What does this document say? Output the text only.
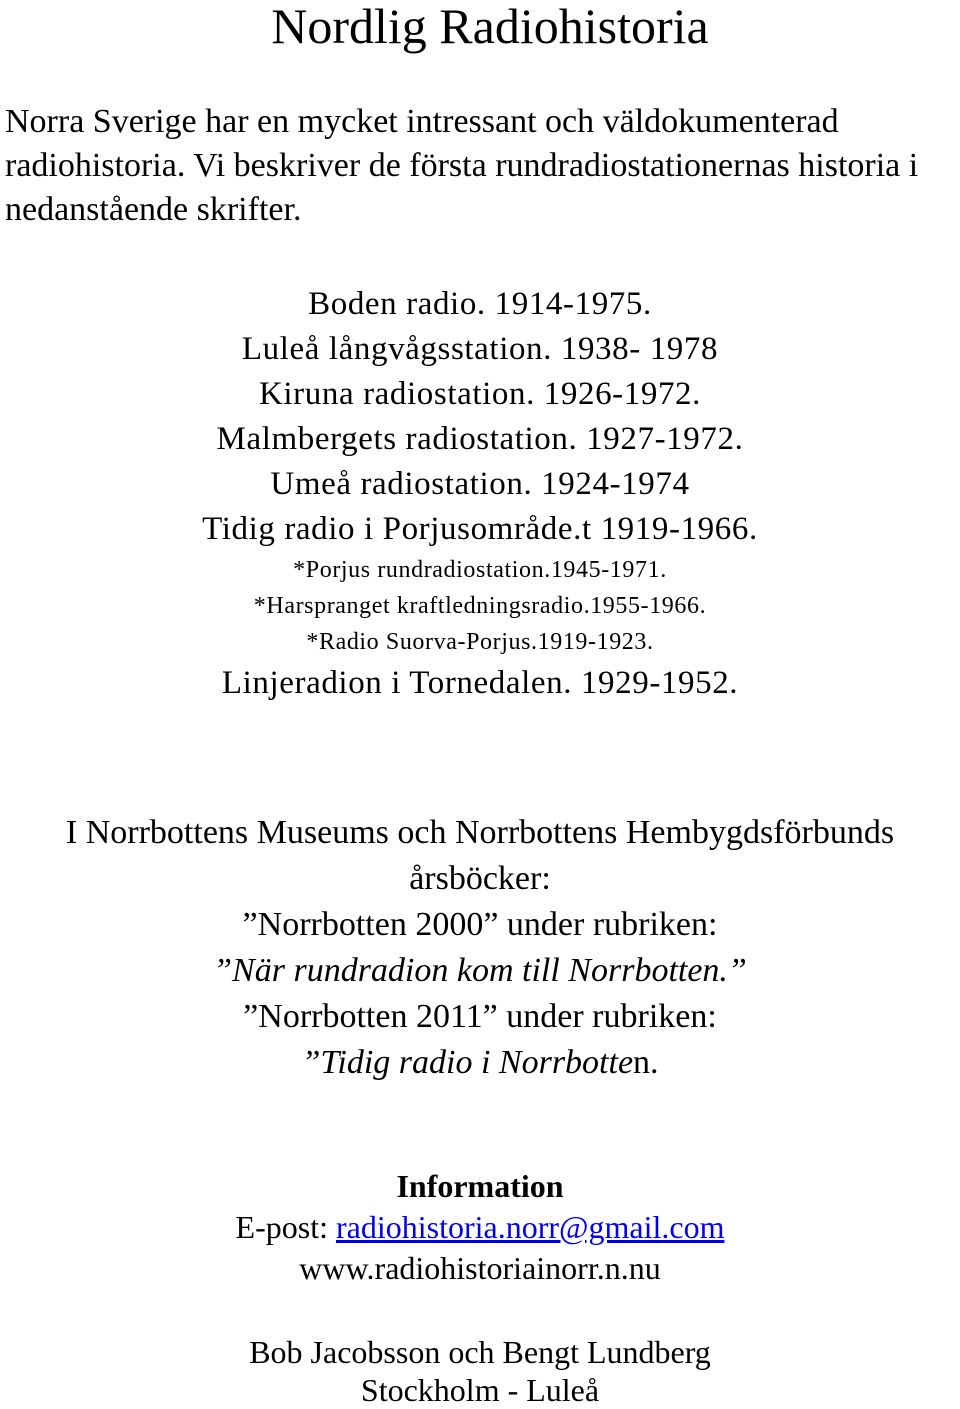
Nordlig Radiohistoria

Norra Sverige har en mycket intressant och väldokumenterad radiohistoria. Vi beskriver de första rundradiostationernas historia i nedanstående skrifter.

Boden radio. 1914-1975.
Luleå långvågsstation. 1938- 1978
Kiruna radiostation. 1926-1972.
Malmbergets radiostation. 1927-1972.
Umeå radiostation. 1924-1974
Tidig radio i Porjusområde.t 1919-1966.
*Porjus rundradiostation.1945-1971.
*Harspranget kraftledningsradio.1955-1966.
*Radio Suorva-Porjus.1919-1923.
Linjeradion i Tornedalen. 1929-1952.
I Norrbottens Museums och Norrbottens Hembygdsförbunds
årsböcker:
”Norrbotten 2000” under rubriken:
”När rundradion kom till Norrbotten.”
”Norrbotten 2011” under rubriken:
”Tidig radio i Norrbotten.
Information
E-post: radiohistoria.norr@gmail.com
www.radiohistoriainorr.n.nu
Bob Jacobsson och Bengt Lundberg
Stockholm - Luleå
